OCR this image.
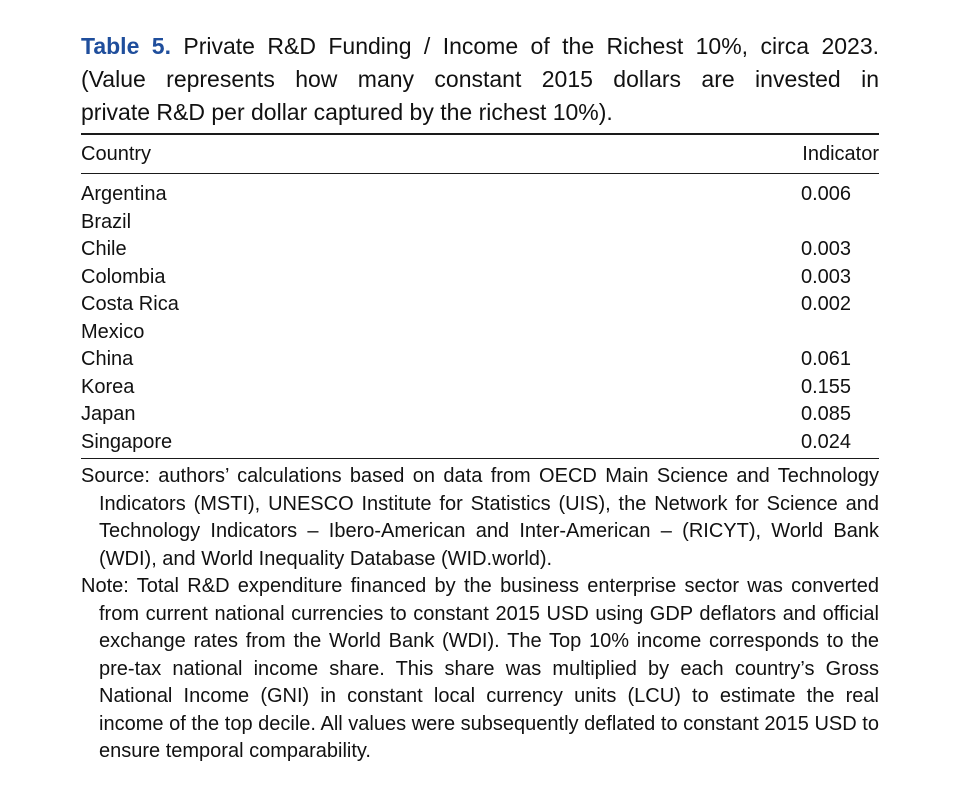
Table 5. Private R&D Funding / Income of the Richest 10%, circa 2023.
(Value represents how many constant 2015 dollars are invested in
private R&D per dollar captured by the richest 10%).

Country	Indicator
Argentina	0.006
Brazil
Chile	0.003
Colombia	0.003
Costa Rica	0.002
Mexico
China	0.061
Korea	0.155
Japan	0.085
Singapore	0.024

Source: authors’ calculations based on data from OECD Main Science and Technology Indicators (MSTI), UNESCO Institute for Statistics (UIS), the Network for Science and Technology Indicators – Ibero-American and Inter-American – (RICYT), World Bank (WDI), and World Inequality Database (WID.world).

Note: Total R&D expenditure financed by the business enterprise sector was converted from current national currencies to constant 2015 USD using GDP deflators and official exchange rates from the World Bank (WDI). The Top 10% income corresponds to the pre-tax national income share. This share was multiplied by each country’s Gross National Income (GNI) in constant local currency units (LCU) to estimate the real income of the top decile. All values were subsequently deflated to constant 2015 USD to ensure temporal comparability.
